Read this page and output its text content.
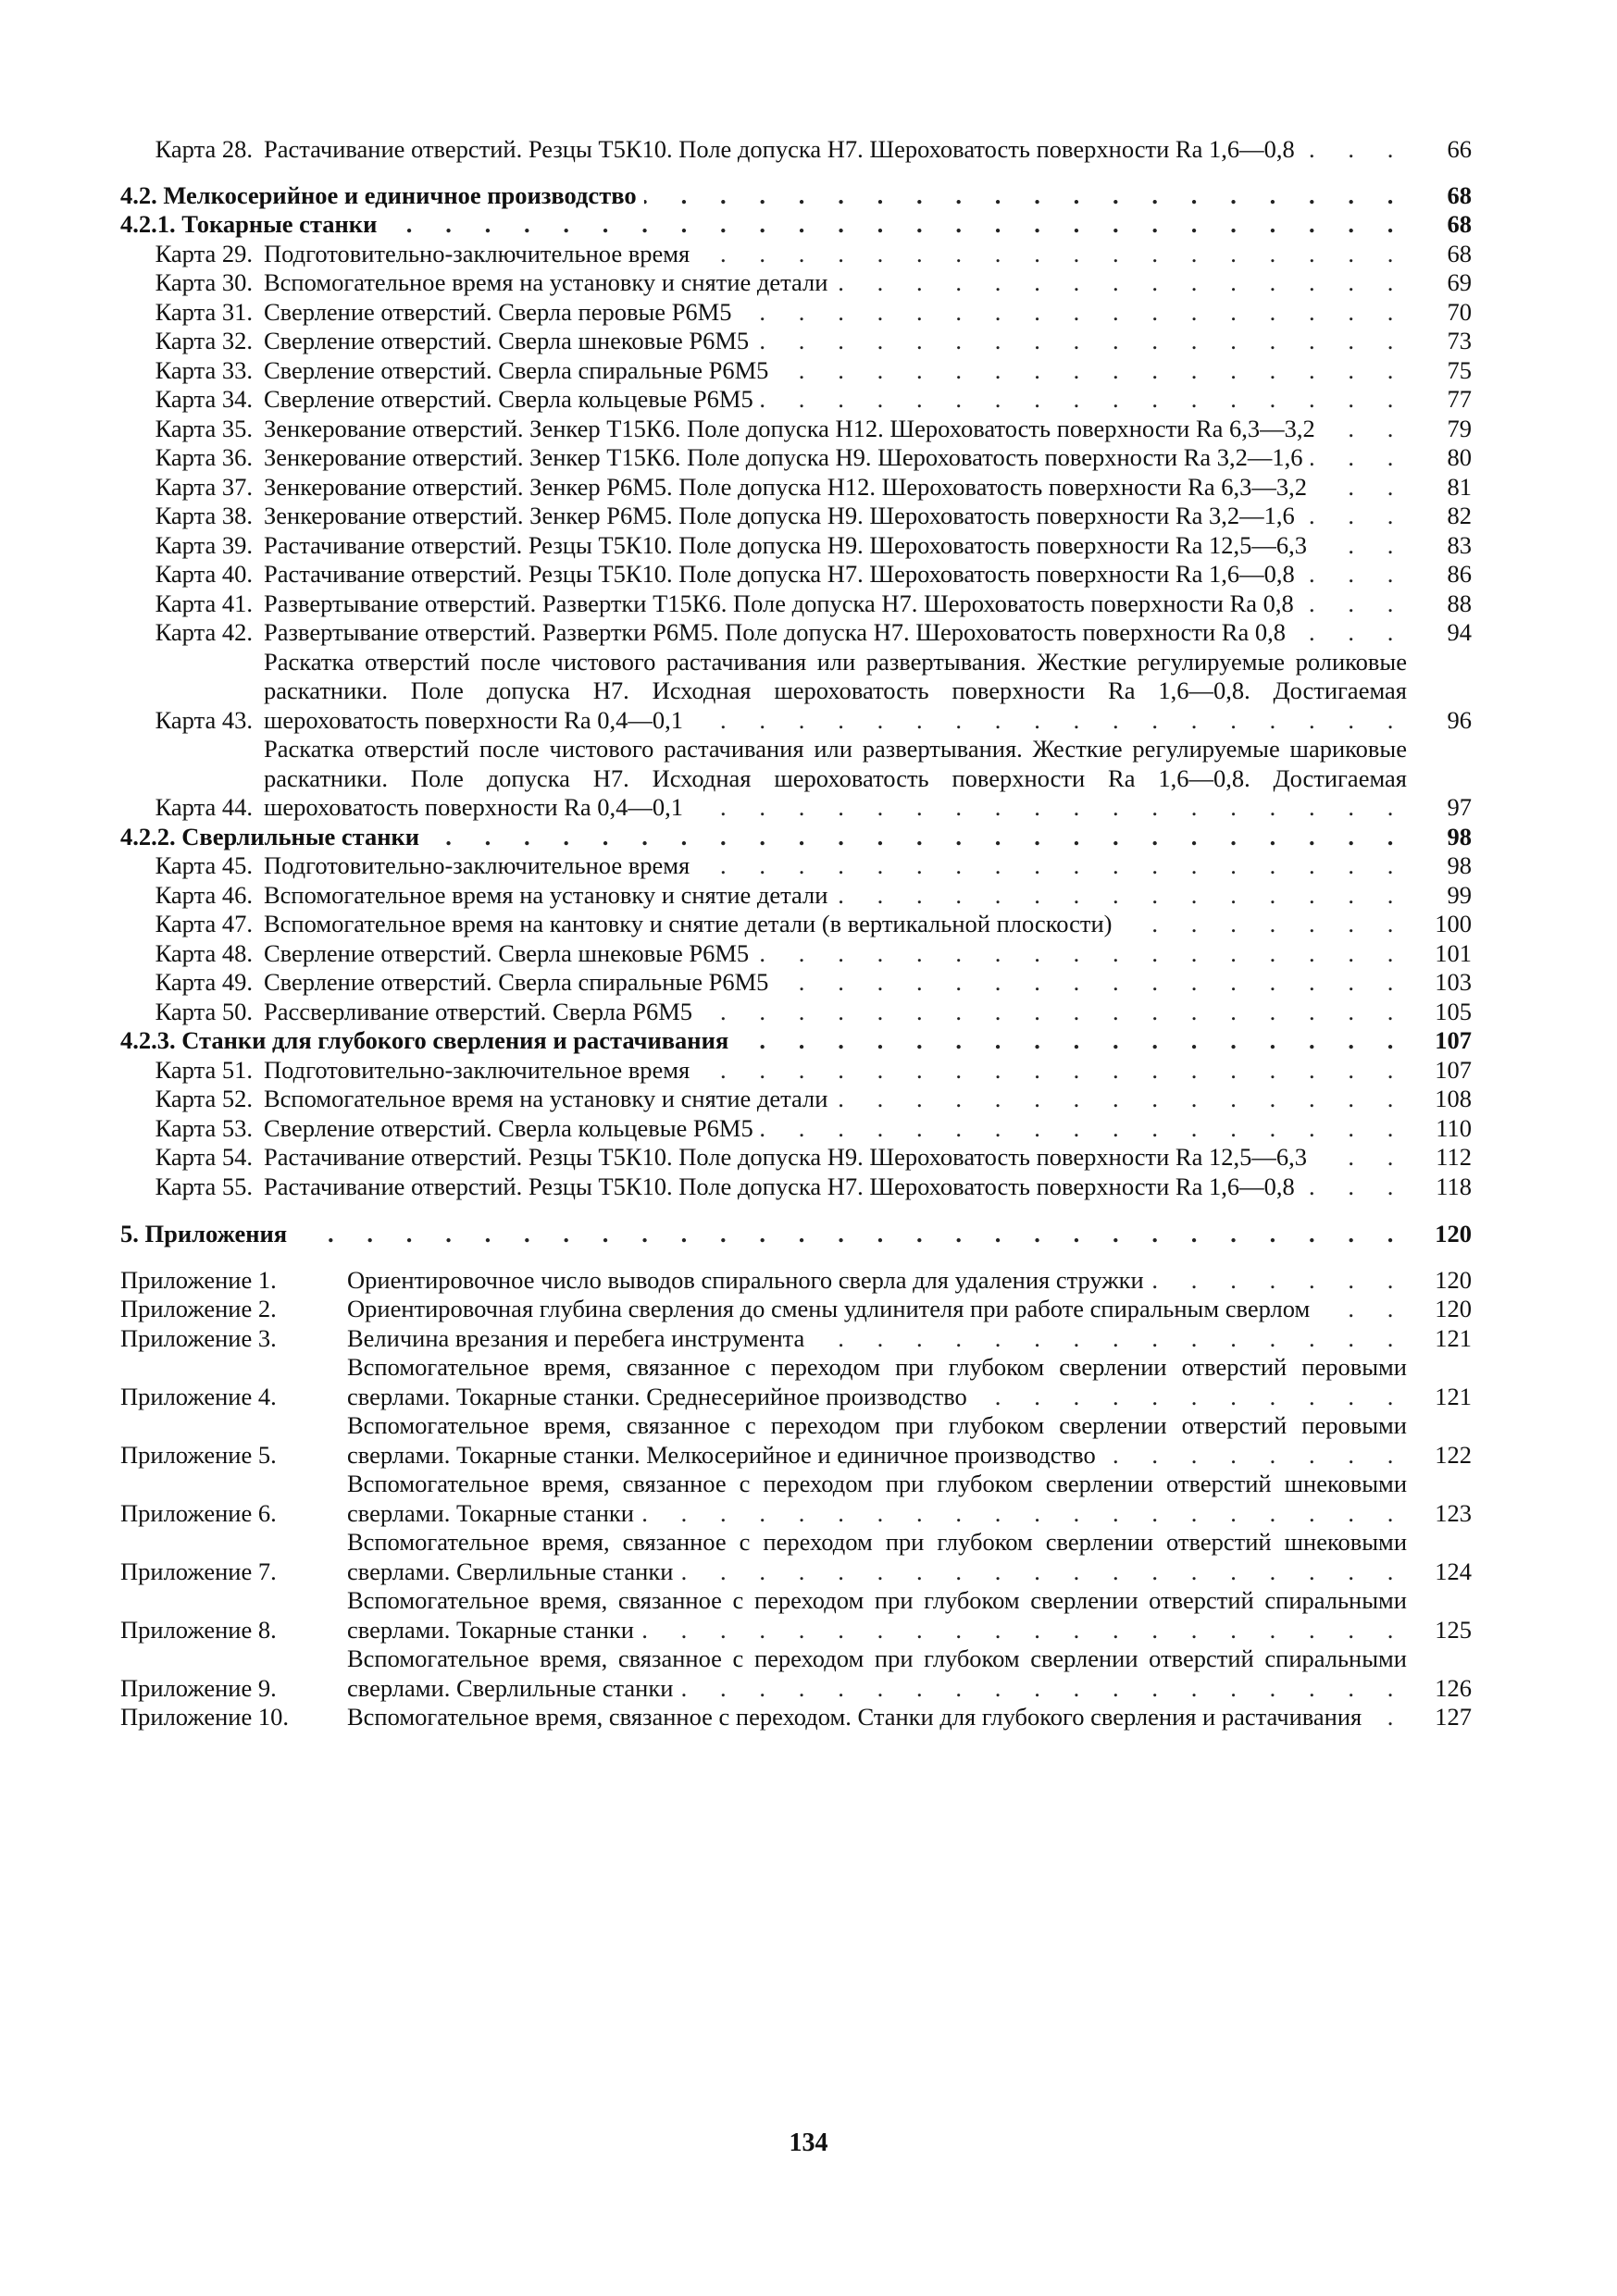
Карта 28. Растачивание отверстий. Резцы Т5К10. Поле допуска Н7. Шероховатость поверхности Ra 1,6—0,8 . . .	66
4.2. Мелкосерийное и единичное производство . . .	68
4.2.1. Токарные станки . . .	68
Карта 29. Подготовительно-заключительное время . . .	68
Карта 30. Вспомогательное время на установку и снятие детали . . .	69
Карта 31. Сверление отверстий. Сверла перовые Р6М5 . . .	70
Карта 32. Сверление отверстий. Сверла шнековые Р6М5 . . .	73
Карта 33. Сверление отверстий. Сверла спиральные Р6М5 . . .	75
Карта 34. Сверление отверстий. Сверла кольцевые Р6М5 . . .	77
Карта 35. Зенкерование отверстий. Зенкер Т15К6. Поле допуска Н12. Шероховатость поверхности Ra 6,3—3,2 . . .	79
Карта 36. Зенкерование отверстий. Зенкер Т15К6. Поле допуска Н9. Шероховатость поверхности Ra 3,2—1,6 . . .	80
Карта 37. Зенкерование отверстий. Зенкер Р6М5. Поле допуска Н12. Шероховатость поверхности Ra 6,3—3,2 . . .	81
Карта 38. Зенкерование отверстий. Зенкер Р6М5. Поле допуска Н9. Шероховатость поверхности Ra 3,2—1,6 . . .	82
Карта 39. Растачивание отверстий. Резцы Т5К10. Поле допуска Н9. Шероховатость поверхности Ra 12,5—6,3 . . .	83
Карта 40. Растачивание отверстий. Резцы Т5К10. Поле допуска Н7. Шероховатость поверхности Ra 1,6—0,8 . . .	86
Карта 41. Развертывание отверстий. Развертки Т15К6. Поле допуска Н7. Шероховатость поверхности Ra 0,8 . . .	88
Карта 42. Развертывание отверстий. Развертки Р6М5. Поле допуска Н7. Шероховатость поверхности Ra 0,8 . . .	94
Карта 43.
Раскатка отверстий после чистового растачивания или развертывания. Жесткие регулируемые роликовые раскатники. Поле допуска Н7. Исходная шероховатость поверхности Ra 1,6—0,8. Достигаемая шероховатость поверхности Ra 0,4—0,1 . . .	96
Карта 44.
Раскатка отверстий после чистового растачивания или развертывания. Жесткие регулируемые шариковые раскатники. Поле допуска Н7. Исходная шероховатость поверхности Ra 1,6—0,8. Достигаемая шероховатость поверхности Ra 0,4—0,1 . . .	97
4.2.2. Сверлильные станки . . .	98
Карта 45. Подготовительно-заключительное время . . .	98
Карта 46. Вспомогательное время на установку и снятие детали . . .	99
Карта 47. Вспомогательное время на кантовку и снятие детали (в вертикальной плоскости) . . .	100
Карта 48. Сверление отверстий. Сверла шнековые Р6М5 . . .	101
Карта 49. Сверление отверстий. Сверла спиральные Р6М5 . . .	103
Карта 50. Рассверливание отверстий. Сверла Р6М5 . . .	105
4.2.3. Станки для глубокого сверления и растачивания . . .	107
Карта 51. Подготовительно-заключительное время . . .	107
Карта 52. Вспомогательное время на установку и снятие детали . . .	108
Карта 53. Сверление отверстий. Сверла кольцевые Р6М5 . . .	110
Карта 54. Растачивание отверстий. Резцы Т5К10. Поле допуска Н9. Шероховатость поверхности Ra 12,5—6,3 . . .	112
Карта 55. Растачивание отверстий. Резцы Т5К10. Поле допуска Н7. Шероховатость поверхности Ra 1,6—0,8 . . .	118
5. Приложения . . .	120
Приложение 1.	Ориентировочное число выводов спирального сверла для удаления стружки . . .	120
Приложение 2.	Ориентировочная глубина сверления до смены удлинителя при работе спиральным сверлом . . .	120
Приложение 3.	Величина врезания и перебега инструмента . . .	121
Приложение 4.
Вспомогательное время, связанное с переходом при глубоком сверлении отверстий перовыми сверлами. Токарные станки. Среднесерийное производство . . .	121
Приложение 5.
Вспомогательное время, связанное с переходом при глубоком сверлении отверстий перовыми сверлами. Токарные станки. Мелкосерийное и единичное производство . . .	122
Приложение 6.
Вспомогательное время, связанное с переходом при глубоком сверлении отверстий шнековыми сверлами. Токарные станки . . .	123
Приложение 7.
Вспомогательное время, связанное с переходом при глубоком сверлении отверстий шнековыми сверлами. Сверлильные станки . . .	124
Приложение 8.
Вспомогательное время, связанное с переходом при глубоком сверлении отверстий спиральными сверлами. Токарные станки . . .	125
Приложение 9.
Вспомогательное время, связанное с переходом при глубоком сверлении отверстий спиральными сверлами. Сверлильные станки . . .	126
Приложение 10.	Вспомогательное время, связанное с переходом. Станки для глубокого сверления и растачивания . . .	127
134
